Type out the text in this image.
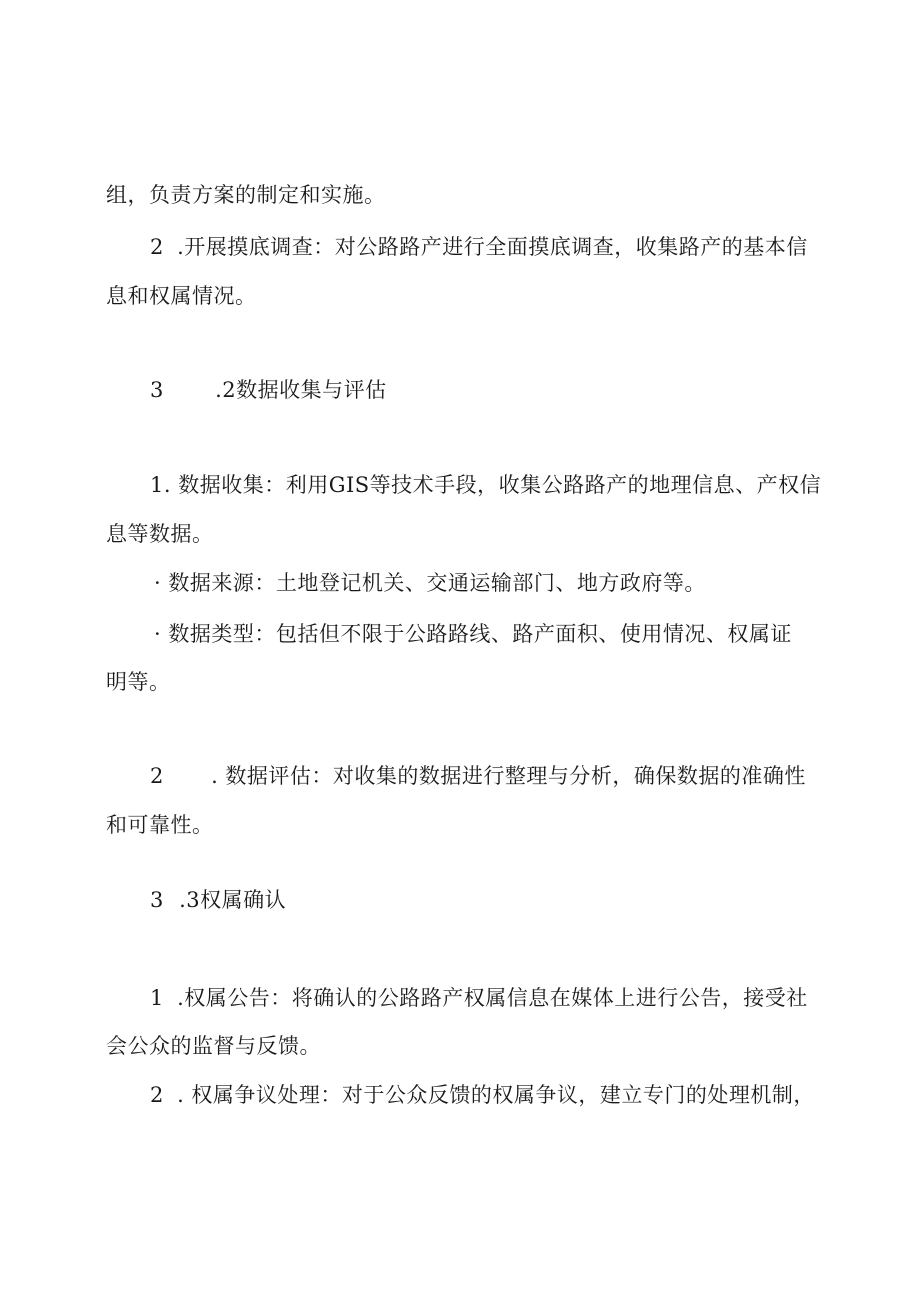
组，负责方案的制定和实施。
2 .开展摸底调查：对公路路产进行全面摸底调查，收集路产的基本信
息和权属情况。
3 .2数据收集与评估
1. 数据收集：利用GIS等技术手段，收集公路路产的地理信息、产权信
息等数据。
· 数据来源：土地登记机关、交通运输部门、地方政府等。
· 数据类型：包括但不限于公路路线、路产面积、使用情况、权属证
明等。
2 . 数据评估：对收集的数据进行整理与分析，确保数据的准确性
和可靠性。
3 .3权属确认
1 .权属公告：将确认的公路路产权属信息在媒体上进行公告，接受社
会公众的监督与反馈。
2 . 权属争议处理：对于公众反馈的权属争议，建立专门的处理机制，
